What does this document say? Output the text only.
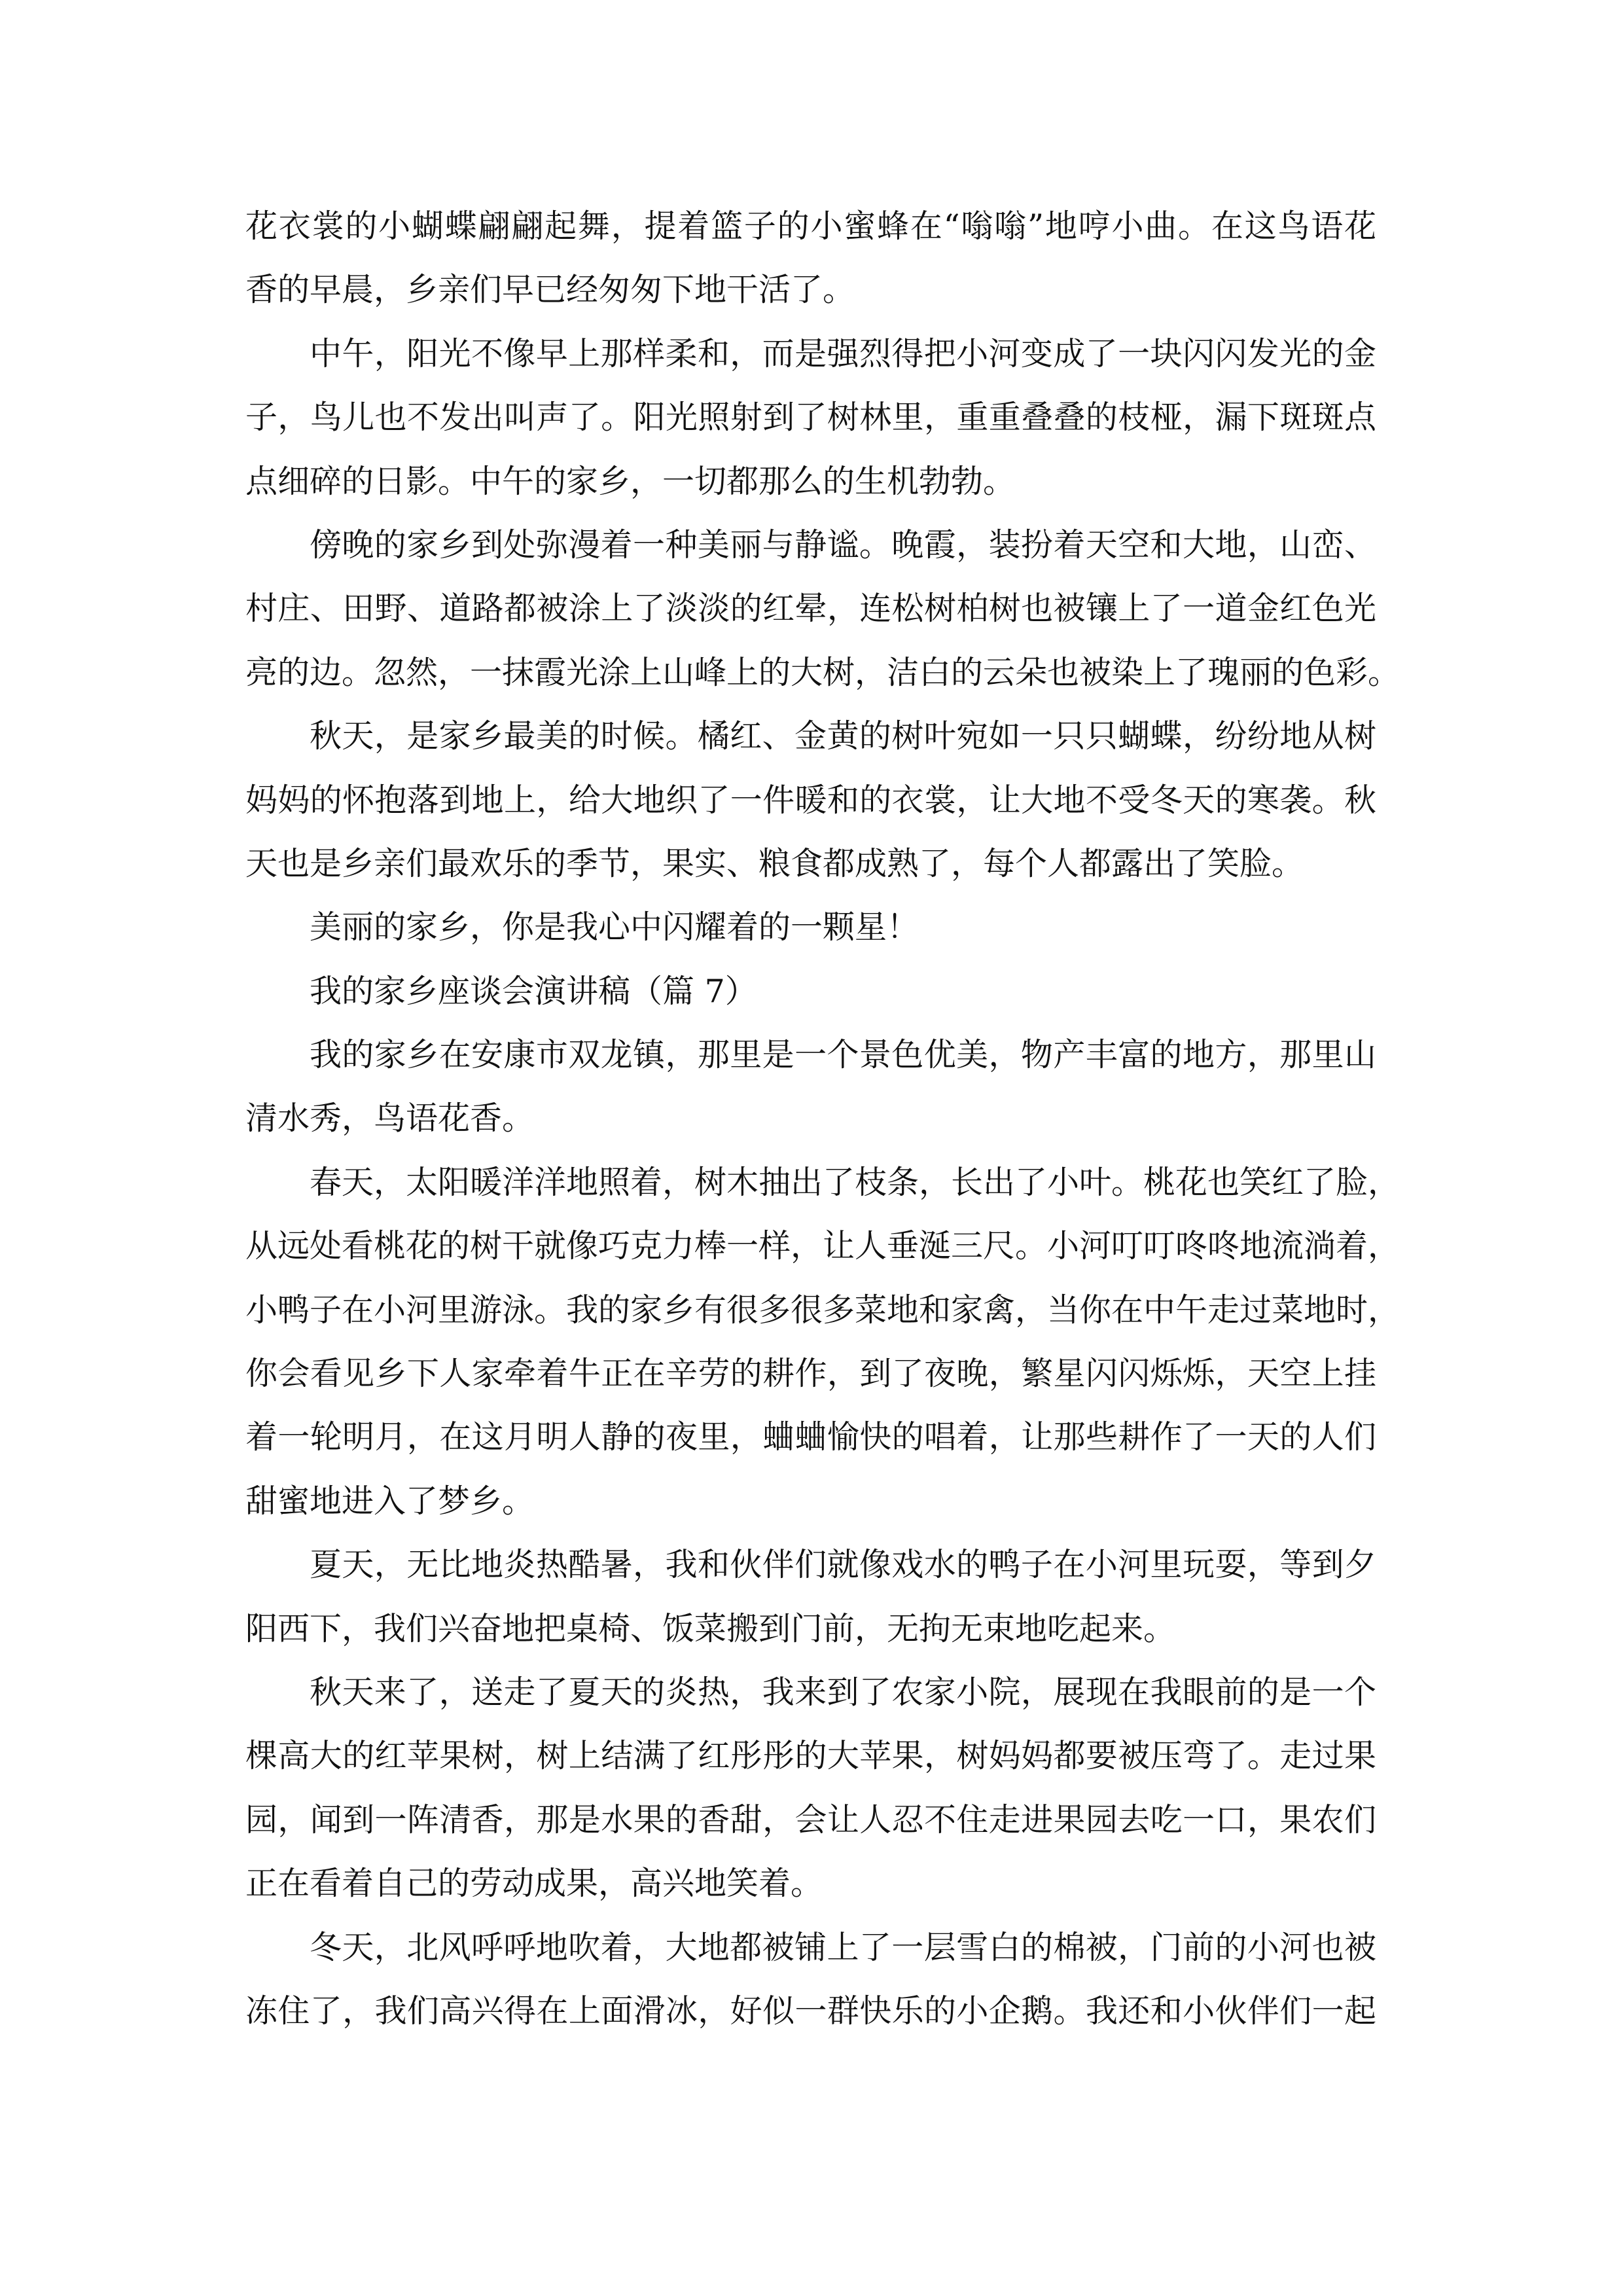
花衣裳的小蝴蝶翩翩起舞，提着篮子的小蜜蜂在“嗡嗡”地哼小曲。在这鸟语花
香的早晨，乡亲们早已经匆匆下地干活了。
中午，阳光不像早上那样柔和，而是强烈得把小河变成了一块闪闪发光的金
子，鸟儿也不发出叫声了。阳光照射到了树林里，重重叠叠的枝桠，漏下斑斑点
点细碎的日影。中午的家乡，一切都那么的生机勃勃。
傍晚的家乡到处弥漫着一种美丽与静谧。晚霞，装扮着天空和大地，山峦、
村庄、田野、道路都被涂上了淡淡的红晕，连松树柏树也被镶上了一道金红色光
亮的边。忽然，一抹霞光涂上山峰上的大树，洁白的云朵也被染上了瑰丽的色彩。
秋天，是家乡最美的时候。橘红、金黄的树叶宛如一只只蝴蝶，纷纷地从树
妈妈的怀抱落到地上，给大地织了一件暖和的衣裳，让大地不受冬天的寒袭。秋
天也是乡亲们最欢乐的季节，果实、粮食都成熟了，每个人都露出了笑脸。
美丽的家乡，你是我心中闪耀着的一颗星！
我的家乡座谈会演讲稿（篇 7）
我的家乡在安康市双龙镇，那里是一个景色优美，物产丰富的地方，那里山
清水秀，鸟语花香。
春天，太阳暖洋洋地照着，树木抽出了枝条，长出了小叶。桃花也笑红了脸，
从远处看桃花的树干就像巧克力棒一样，让人垂涎三尺。小河叮叮咚咚地流淌着，
小鸭子在小河里游泳。我的家乡有很多很多菜地和家禽，当你在中午走过菜地时，
你会看见乡下人家牵着牛正在辛劳的耕作，到了夜晚，繁星闪闪烁烁，天空上挂
着一轮明月，在这月明人静的夜里，蛐蛐愉快的唱着，让那些耕作了一天的人们
甜蜜地进入了梦乡。
夏天，无比地炎热酷暑，我和伙伴们就像戏水的鸭子在小河里玩耍，等到夕
阳西下，我们兴奋地把桌椅、饭菜搬到门前，无拘无束地吃起来。
秋天来了，送走了夏天的炎热，我来到了农家小院，展现在我眼前的是一个
棵高大的红苹果树，树上结满了红彤彤的大苹果，树妈妈都要被压弯了。走过果
园，闻到一阵清香，那是水果的香甜，会让人忍不住走进果园去吃一口，果农们
正在看着自己的劳动成果，高兴地笑着。
冬天，北风呼呼地吹着，大地都被铺上了一层雪白的棉被，门前的小河也被
冻住了，我们高兴得在上面滑冰，好似一群快乐的小企鹅。我还和小伙伴们一起
